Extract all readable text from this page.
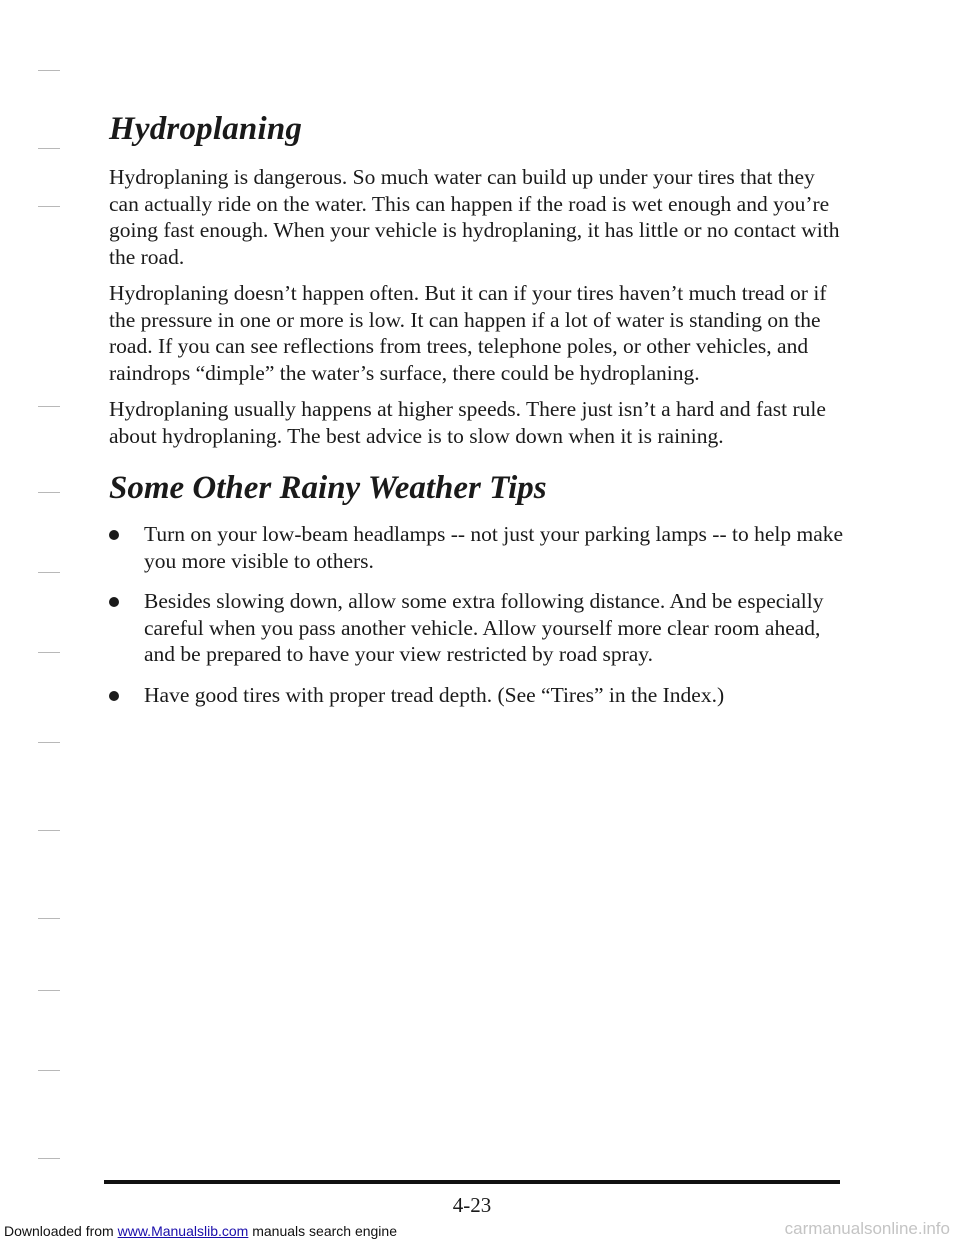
Hydroplaning

Hydroplaning is dangerous. So much water can build up under your tires that they can actually ride on the water. This can happen if the road is wet enough and you’re going fast enough. When your vehicle is hydroplaning, it has little or no contact with the road.

Hydroplaning doesn’t happen often. But it can if your tires haven’t much tread or if the pressure in one or more is low. It can happen if a lot of water is standing on the road. If you can see reflections from trees, telephone poles, or other vehicles, and raindrops “dimple” the water’s surface, there could be hydroplaning.

Hydroplaning usually happens at higher speeds. There just isn’t a hard and fast rule about hydroplaning. The best advice is to slow down when it is raining.

Some Other Rainy Weather Tips
Turn on your low-beam headlamps -- not just your parking lamps -- to help make you more visible to others.
Besides slowing down, allow some extra following distance. And be especially careful when you pass another vehicle. Allow yourself more clear room ahead, and be prepared to have your view restricted by road spray.
Have good tires with proper tread depth. (See “Tires” in the Index.)
4-23
Downloaded from www.Manualslib.com manuals search engine	carmanualsonline.info
